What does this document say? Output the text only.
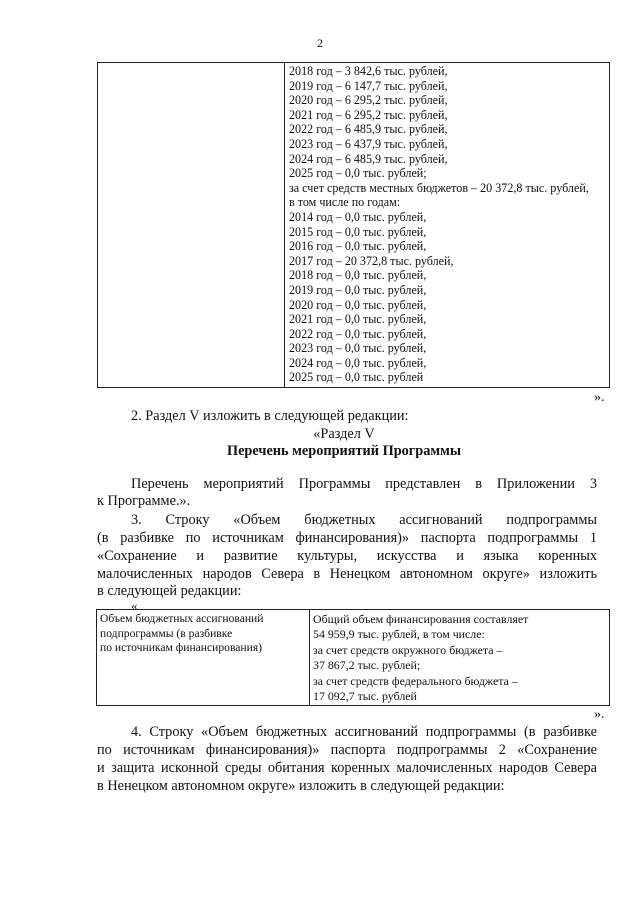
2
2018 год – 3 842,6 тыс. рублей,
2019 год – 6 147,7 тыс. рублей,
2020 год – 6 295,2 тыс. рублей,
2021 год – 6 295,2 тыс. рублей,
2022 год – 6 485,9 тыс. рублей,
2023 год – 6 437,9 тыс. рублей,
2024 год – 6 485,9 тыс. рублей,
2025 год – 0,0 тыс. рублей;
за счет средств местных бюджетов – 20 372,8 тыс. рублей,
в том числе по годам:
2014 год – 0,0 тыс. рублей,
2015 год – 0,0 тыс. рублей,
2016 год – 0,0 тыс. рублей,
2017 год – 20 372,8 тыс. рублей,
2018 год – 0,0 тыс. рублей,
2019 год – 0,0 тыс. рублей,
2020 год – 0,0 тыс. рублей,
2021 год – 0,0 тыс. рублей,
2022 год – 0,0 тыс. рублей,
2023 год – 0,0 тыс. рублей,
2024 год – 0,0 тыс. рублей,
2025 год – 0,0 тыс. рублей
».
2. Раздел V изложить в следующей редакции:
«Раздел V
Перечень мероприятий Программы
Перечень мероприятий Программы представлен в Приложении 3
к Программе.».
3. Строку «Объем бюджетных ассигнований подпрограммы
(в разбивке по источникам финансирования)» паспорта подпрограммы 1
«Сохранение и развитие культуры, искусства и языка коренных
малочисленных народов Севера в Ненецком автономном округе» изложить
в следующей редакции:
«
Объем бюджетных ассигнований
подпрограммы (в разбивке
по источникам финансирования)
Общий объем финансирования составляет
54 959,9 тыс. рублей, в том числе:
за счет средств окружного бюджета –
37 867,2 тыс. рублей;
за счет средств федерального бюджета –
17 092,7 тыс. рублей
».
4. Строку «Объем бюджетных ассигнований подпрограммы (в разбивке
по источникам финансирования)» паспорта подпрограммы 2 «Сохранение
и защита исконной среды обитания коренных малочисленных народов Севера
в Ненецком автономном округе» изложить в следующей редакции:
